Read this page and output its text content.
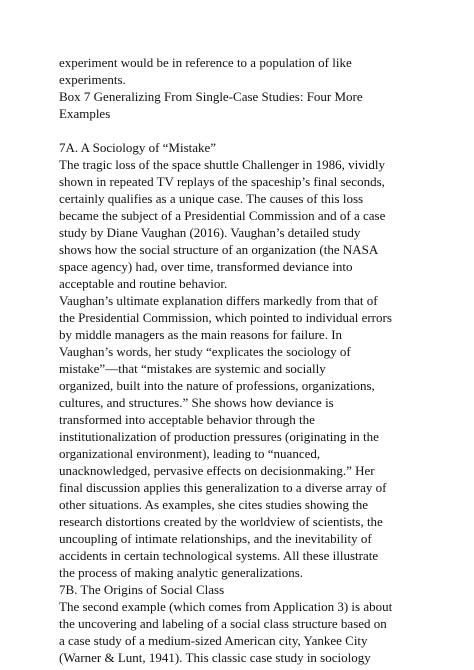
experiment would be in reference to a population of like
experiments.
Box 7 Generalizing From Single-Case Studies: Four More
Examples
7A. A Sociology of “Mistake”
The tragic loss of the space shuttle Challenger in 1986, vividly
shown in repeated TV replays of the spaceship’s final seconds,
certainly qualifies as a unique case. The causes of this loss
became the subject of a Presidential Commission and of a case
study by Diane Vaughan (2016). Vaughan’s detailed study
shows how the social structure of an organization (the NASA
space agency) had, over time, transformed deviance into
acceptable and routine behavior.
Vaughan’s ultimate explanation differs markedly from that of
the Presidential Commission, which pointed to individual errors
by middle managers as the main reasons for failure. In
Vaughan’s words, her study “explicates the sociology of
mistake”—that “mistakes are systemic and socially
organized, built into the nature of professions, organizations,
cultures, and structures.” She shows how deviance is
transformed into acceptable behavior through the
institutionalization of production pressures (originating in the
organizational environment), leading to “nuanced,
unacknowledged, pervasive effects on decisionmaking.” Her
final discussion applies this generalization to a diverse array of
other situations. As examples, she cites studies showing the
research distortions created by the worldview of scientists, the
uncoupling of intimate relationships, and the inevitability of
accidents in certain technological systems. All these illustrate
the process of making analytic generalizations.
7B. The Origins of Social Class
The second example (which comes from Application 3) is about
the uncovering and labeling of a social class structure based on
a case study of a medium-sized American city, Yankee City
(Warner & Lunt, 1941). This classic case study in sociology
